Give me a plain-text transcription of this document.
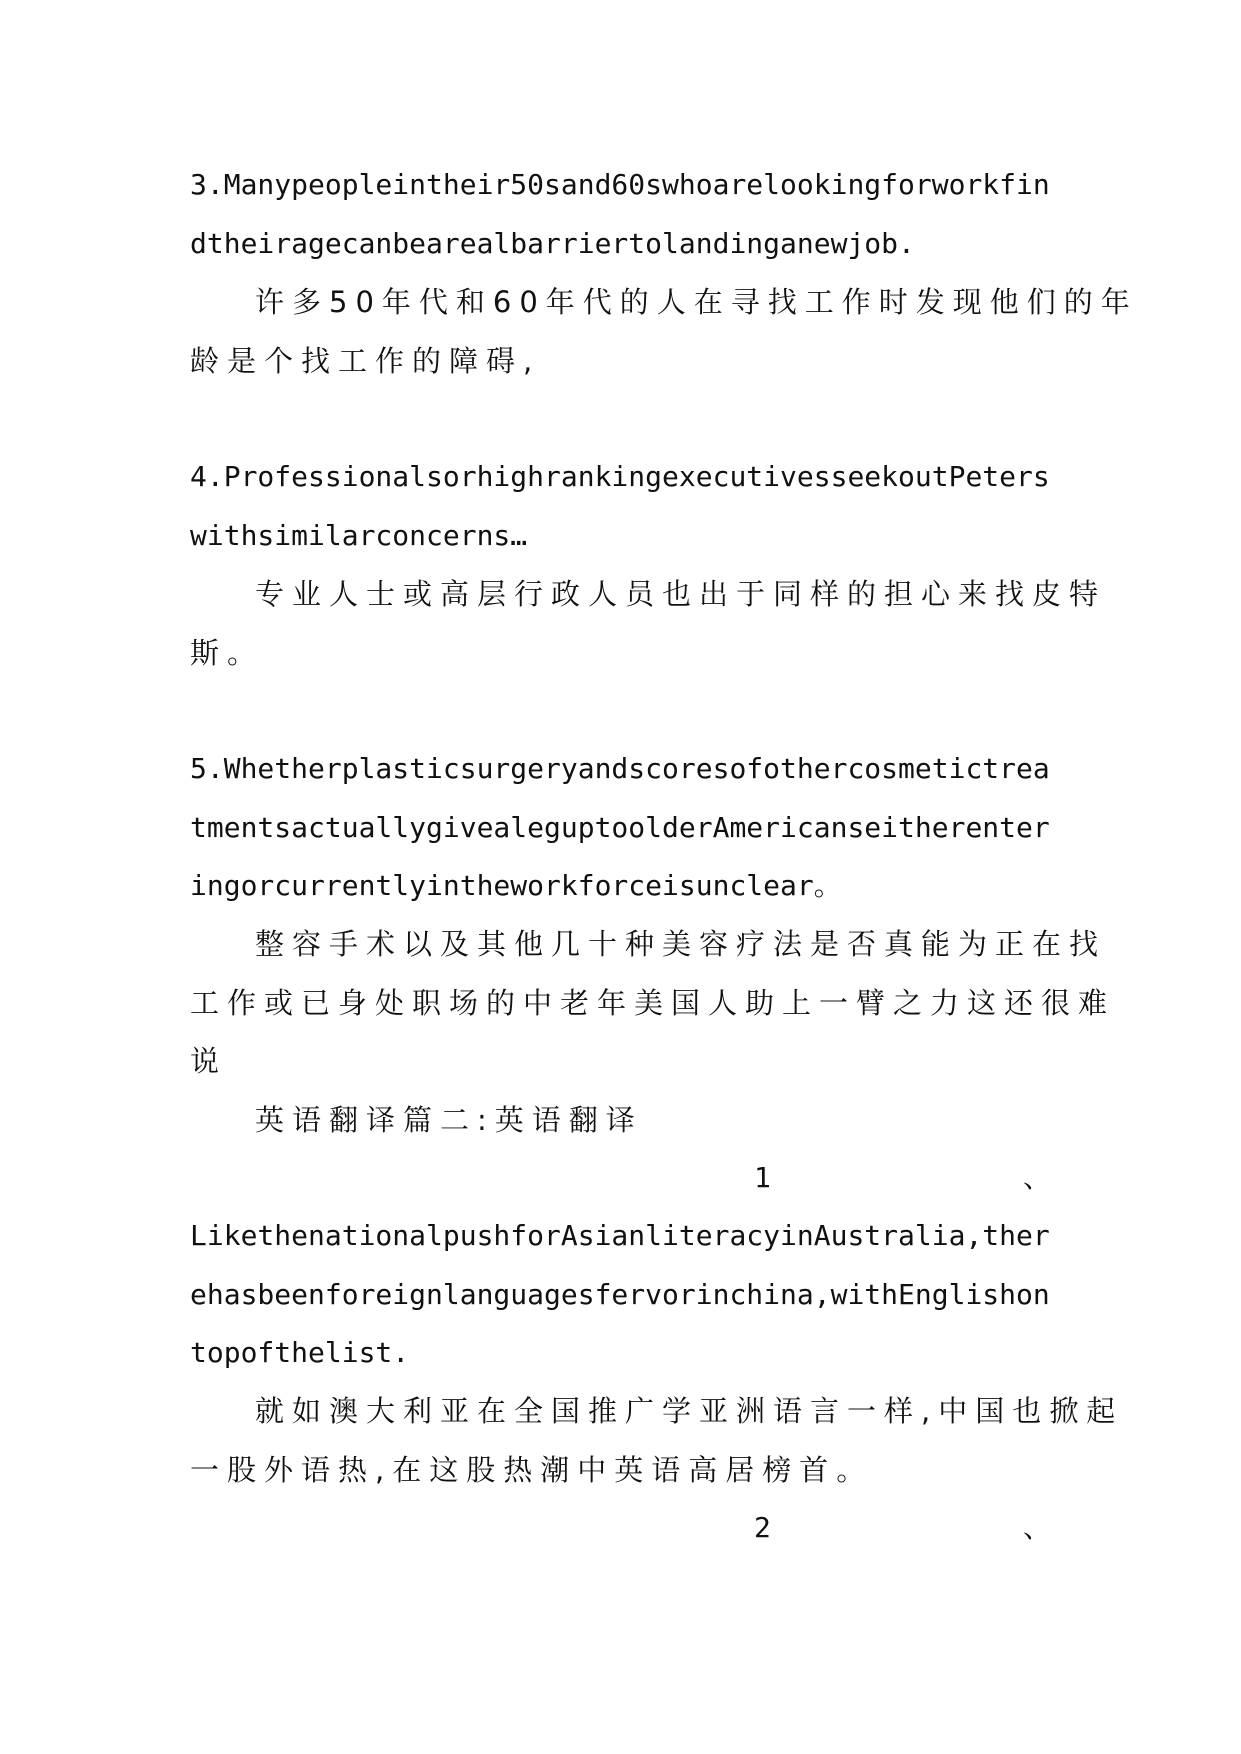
3.Manypeopleintheir50sand60swhoarelookingforworkfin
dtheiragecanbearealbarriertolandinganewjob.
许多50年代和60年代的人在寻找工作时发现他们的年
龄是个找工作的障碍,
4.ProfessionalsorhighrankingexecutivesseekoutPeters
withsimilarconcerns…
专业人士或高层行政人员也出于同样的担心来找皮特
斯。
5.Whetherplasticsurgeryandscoresofothercosmetictrea
tmentsactuallygivealeguptoolderAmericanseitherenter
ingorcurrentlyintheworkforceisunclear。
整容手术以及其他几十种美容疗法是否真能为正在找
工作或已身处职场的中老年美国人助上一臂之力这还很难
说
英语翻译篇二:英语翻译
1	、
LikethenationalpushforAsianliteracyinAustralia,ther
ehasbeenforeignlanguagesfervorinchina,withEnglishon
topofthelist.
就如澳大利亚在全国推广学亚洲语言一样,中国也掀起
一股外语热,在这股热潮中英语高居榜首。
2	、
